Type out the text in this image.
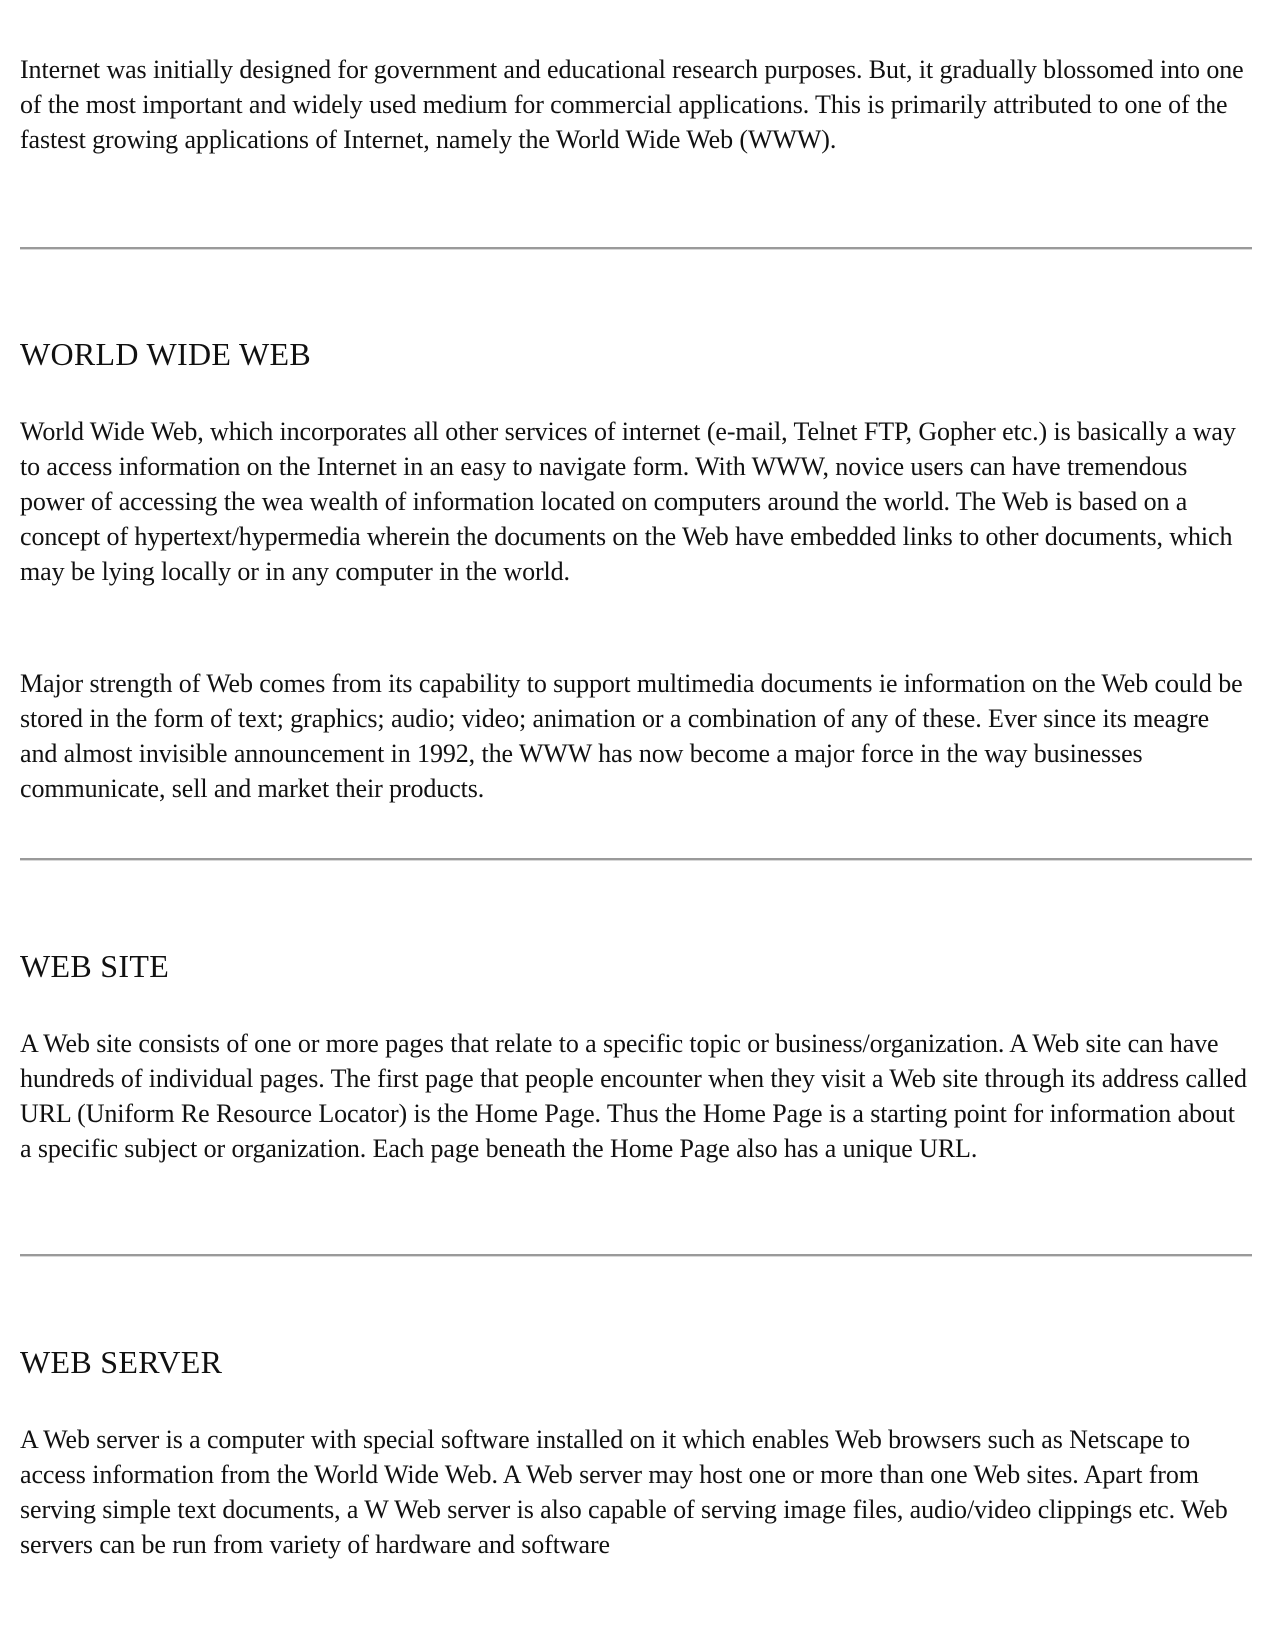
Internet was initially designed for government and educational research purposes. But, it gradually blossomed into one of the most important and widely used medium for commercial applications. This is primarily attributed to one of the fastest growing applications of Internet, namely the World Wide Web (WWW).

WORLD WIDE WEB

World Wide Web, which incorporates all other services of internet (e-mail, Telnet FTP, Gopher etc.) is basically a way to access information on the Internet in an easy to navigate form. With WWW, novice users can have tremendous power of accessing the wea wealth of information located on computers around the world. The Web is based on a concept of hypertext/hypermedia wherein the documents on the Web have embedded links to other documents, which may be lying locally or in any computer in the world.

Major strength of Web comes from its capability to support multimedia documents ie information on the Web could be stored in the form of text; graphics; audio; video; animation or a combination of any of these. Ever since its meagre and almost invisible announcement in 1992, the WWW has now become a major force in the way businesses communicate, sell and market their products.

WEB SITE

A Web site consists of one or more pages that relate to a specific topic or business/organization. A Web site can have hundreds of individual pages. The first page that people encounter when they visit a Web site through its address called URL (Uniform Re Resource Locator) is the Home Page. Thus the Home Page is a starting point for information about a specific subject or organization. Each page beneath the Home Page also has a unique URL.

WEB SERVER

A Web server is a computer with special software installed on it which enables Web browsers such as Netscape to access information from the World Wide Web. A Web server may host one or more than one Web sites. Apart from serving simple text documents, a W Web server is also capable of serving image files, audio/video clippings etc. Web servers can be run from variety of hardware and software
